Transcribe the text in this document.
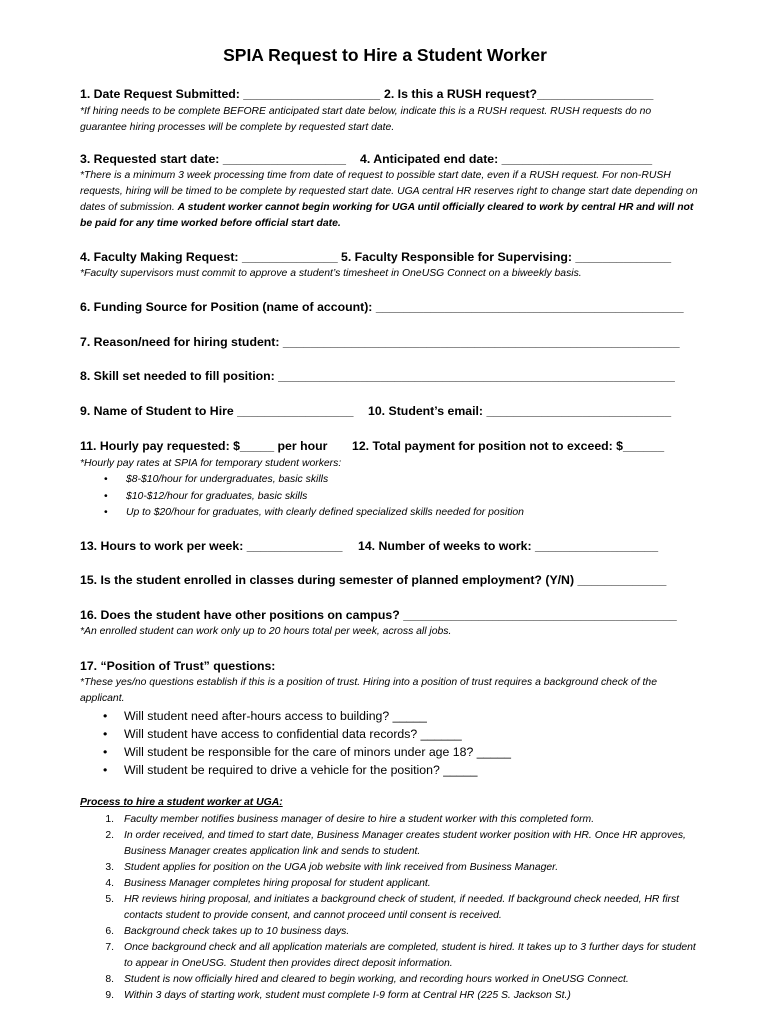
SPIA Request to Hire a Student Worker
1. Date Request Submitted: ____________________ 2. Is this a RUSH request?_________________
*If hiring needs to be complete BEFORE anticipated start date below, indicate this is a RUSH request. RUSH requests do no guarantee hiring processes will be complete by requested start date.
3. Requested start date: __________________ 4. Anticipated end date: ______________________
*There is a minimum 3 week processing time from date of request to possible start date, even if a RUSH request. For non-RUSH requests, hiring will be timed to be complete by requested start date. UGA central HR reserves right to change start date depending on dates of submission. A student worker cannot begin working for UGA until officially cleared to work by central HR and will not be paid for any time worked before official start date.
4. Faculty Making Request: ______________ 5. Faculty Responsible for Supervising: ______________
*Faculty supervisors must commit to approve a student’s timesheet in OneUSG Connect on a biweekly basis.
6. Funding Source for Position (name of account): _____________________________________________
7. Reason/need for hiring student: __________________________________________________________
8. Skill set needed to fill position: __________________________________________________________
9. Name of Student to Hire _________________ 10. Student’s email: ___________________________
11. Hourly pay requested: $_____ per hour 12. Total payment for position not to exceed: $______
*Hourly pay rates at SPIA for temporary student workers:
• $8-$10/hour for undergraduates, basic skills
• $10-$12/hour for graduates, basic skills
• Up to $20/hour for graduates, with clearly defined specialized skills needed for position
13. Hours to work per week: ______________ 14. Number of weeks to work: __________________
15. Is the student enrolled in classes during semester of planned employment? (Y/N) _____________
16. Does the student have other positions on campus? ________________________________________
*An enrolled student can work only up to 20 hours total per week, across all jobs.
17. “Position of Trust” questions:
*These yes/no questions establish if this is a position of trust. Hiring into a position of trust requires a background check of the applicant.
• Will student need after-hours access to building? _____
• Will student have access to confidential data records? ______
• Will student be responsible for the care of minors under age 18? _____
• Will student be required to drive a vehicle for the position? _____
Process to hire a student worker at UGA:
1. Faculty member notifies business manager of desire to hire a student worker with this completed form.
2. In order received, and timed to start date, Business Manager creates student worker position with HR. Once HR approves, Business Manager creates application link and sends to student.
3. Student applies for position on the UGA job website with link received from Business Manager.
4. Business Manager completes hiring proposal for student applicant.
5. HR reviews hiring proposal, and initiates a background check of student, if needed. If background check needed, HR first contacts student to provide consent, and cannot proceed until consent is received.
6. Background check takes up to 10 business days.
7. Once background check and all application materials are completed, student is hired. It takes up to 3 further days for student to appear in OneUSG. Student then provides direct deposit information.
8. Student is now officially hired and cleared to begin working, and recording hours worked in OneUSG Connect.
9. Within 3 days of starting work, student must complete I-9 form at Central HR (225 S. Jackson St.)
